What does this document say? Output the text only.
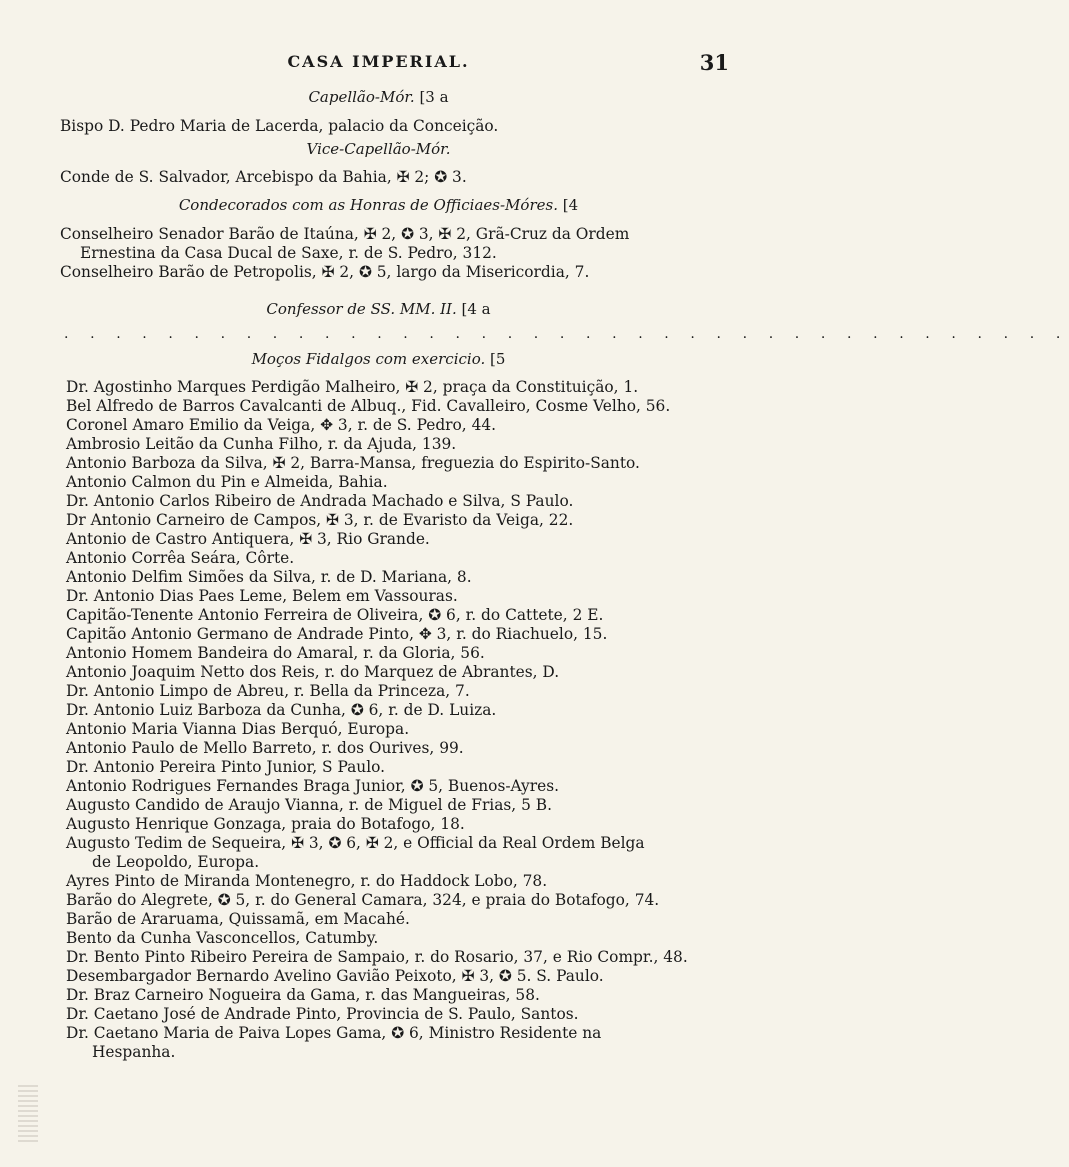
CASA IMPERIAL.	31
Capellão-Mór. [3 a
Vice-Capellão-Mór.
Condecorados com as Honras de Officiaes-Móres. [4
Confessor de SS. MM. II. [4 a
. . . . . . . . . . . . . . . . . . . . . . . . . . . . . . . . . . . . . . .
Moços Fidalgos com exercicio. [5
Bispo D. Pedro Maria de Lacerda, palacio da Conceição.
Conde de S. Salvador, Arcebispo da Bahia, ✠ 2; ✪ 3.
Conselheiro Senador Barão de Itaúna, ✠ 2, ✪ 3, ✠ 2, Grã-Cruz da Ordem
Ernestina da Casa Ducal de Saxe, r. de S. Pedro, 312.
Conselheiro Barão de Petropolis, ✠ 2, ✪ 5, largo da Misericordia, 7.
Dr. Agostinho Marques Perdigão Malheiro, ✠ 2, praça da Constituição, 1.
Bel Alfredo de Barros Cavalcanti de Albuq., Fid. Cavalleiro, Cosme Velho, 56.
Coronel Amaro Emilio da Veiga, ✥ 3, r. de S. Pedro, 44.
Ambrosio Leitão da Cunha Filho, r. da Ajuda, 139.
Antonio Barboza da Silva, ✠ 2, Barra-Mansa, freguezia do Espirito-Santo.
Antonio Calmon du Pin e Almeida, Bahia.
Dr. Antonio Carlos Ribeiro de Andrada Machado e Silva, S Paulo.
Dr Antonio Carneiro de Campos, ✠ 3, r. de Evaristo da Veiga, 22.
Antonio de Castro Antiquera, ✠ 3, Rio Grande.
Antonio Corrêa Seára, Côrte.
Antonio Delfim Simões da Silva, r. de D. Mariana, 8.
Dr. Antonio Dias Paes Leme, Belem em Vassouras.
Capitão-Tenente Antonio Ferreira de Oliveira, ✪ 6, r. do Cattete, 2 E.
Capitão Antonio Germano de Andrade Pinto, ✥ 3, r. do Riachuelo, 15.
Antonio Homem Bandeira do Amaral, r. da Gloria, 56.
Antonio Joaquim Netto dos Reis, r. do Marquez de Abrantes, D.
Dr. Antonio Limpo de Abreu, r. Bella da Princeza, 7.
Dr. Antonio Luiz Barboza da Cunha, ✪ 6, r. de D. Luiza.
Antonio Maria Vianna Dias Berquó, Europa.
Antonio Paulo de Mello Barreto, r. dos Ourives, 99.
Dr. Antonio Pereira Pinto Junior, S Paulo.
Antonio Rodrigues Fernandes Braga Junior, ✪ 5, Buenos-Ayres.
Augusto Candido de Araujo Vianna, r. de Miguel de Frias, 5 B.
Augusto Henrique Gonzaga, praia do Botafogo, 18.
Augusto Tedim de Sequeira, ✠ 3, ✪ 6, ✠ 2, e Official da Real Ordem Belga
de Leopoldo, Europa.
Ayres Pinto de Miranda Montenegro, r. do Haddock Lobo, 78.
Barão do Alegrete, ✪ 5, r. do General Camara, 324, e praia do Botafogo, 74.
Barão de Araruama, Quissamã, em Macahé.
Bento da Cunha Vasconcellos, Catumby.
Dr. Bento Pinto Ribeiro Pereira de Sampaio, r. do Rosario, 37, e Rio Compr., 48.
Desembargador Bernardo Avelino Gavião Peixoto, ✠ 3, ✪ 5. S. Paulo.
Dr. Braz Carneiro Nogueira da Gama, r. das Mangueiras, 58.
Dr. Caetano José de Andrade Pinto, Provincia de S. Paulo, Santos.
Dr. Caetano Maria de Paiva Lopes Gama, ✪ 6, Ministro Residente na
Hespanha.
